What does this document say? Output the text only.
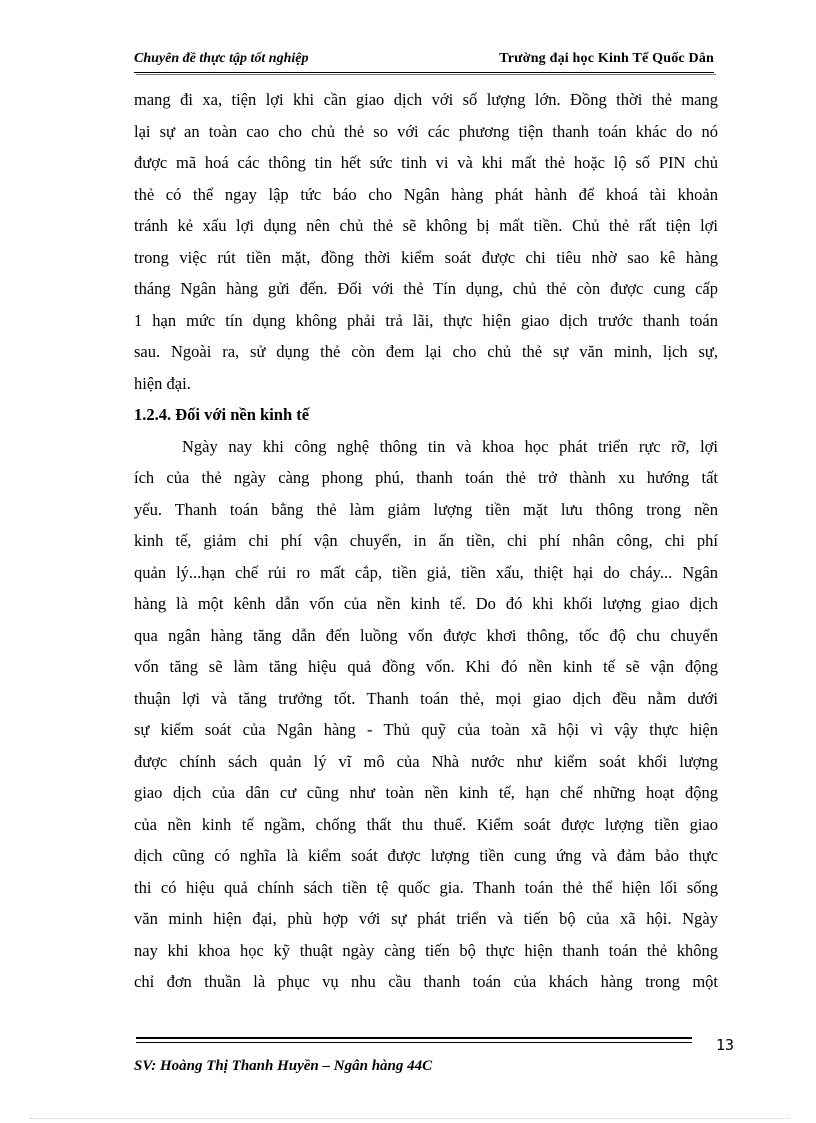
Chuyên đề thực tập tốt nghiệp	Trường đại học Kinh Tế Quốc Dân
mang đi xa, tiện lợi khi cần giao dịch với số lượng lớn. Đồng thời thẻ mang
lại sự an toàn cao cho chủ thẻ so với các phương tiện thanh toán khác do nó
được mã hoá các thông tin hết sức tinh vi và khi mất thẻ hoặc lộ số PIN chủ
thẻ có thể ngay lập tức báo cho Ngân hàng phát hành để khoá tài khoản
tránh kẻ xấu lợi dụng nên chủ thẻ sẽ không bị mất tiền. Chủ thẻ rất tiện lợi
trong việc rút tiền mặt, đồng thời kiểm soát được chi tiêu nhờ sao kê hàng
tháng Ngân hàng gửi đến. Đối với thẻ Tín dụng, chủ thẻ còn được cung cấp
1 hạn mức tín dụng không phải trả lãi, thực hiện giao dịch trước thanh toán
sau. Ngoài ra, sử dụng thẻ còn đem lại cho chủ thẻ sự văn minh, lịch sự,
hiện đại.
1.2.4. Đối với nền kinh tế
Ngày nay khi công nghệ thông tin và khoa học phát triển rực rỡ, lợi
ích của thẻ ngày càng phong phú, thanh toán thẻ trở thành xu hướng tất
yếu. Thanh toán bằng thẻ làm giảm lượng tiền mặt lưu thông trong nền
kinh tế, giảm chi phí vận chuyển, in ấn tiền, chi phí nhân công, chi phí
quản lý...hạn chế rủi ro mất cắp, tiền giả, tiền xấu, thiệt hại do cháy... Ngân
hàng là một kênh dẫn vốn của nền kinh tế. Do đó khi khối lượng giao dịch
qua ngân hàng tăng dẫn đến luồng vốn được khơi thông, tốc độ chu chuyển
vốn tăng sẽ làm tăng hiệu quả đồng vốn. Khi đó nền kinh tế sẽ vận động
thuận lợi và tăng trưởng tốt. Thanh toán thẻ, mọi giao dịch đều nằm dưới
sự kiểm soát của Ngân hàng - Thủ quỹ của toàn xã hội vì vậy thực hiện
được chính sách quản lý vĩ mô của Nhà nước như kiểm soát khối lượng
giao dịch của dân cư cũng như toàn nền kinh tế, hạn chế những hoạt động
của nền kinh tế ngầm, chống thất thu thuế. Kiểm soát được lượng tiền giao
dịch cũng có nghĩa là kiểm soát được lượng tiền cung ứng và đảm bảo thực
thi có hiệu quả chính sách tiền tệ quốc gia. Thanh toán thẻ thể hiện lối sống
văn minh hiện đại, phù hợp với sự phát triển và tiến bộ của xã hội. Ngày
nay khi khoa học kỹ thuật ngày càng tiến bộ thực hiện thanh toán thẻ không
chỉ đơn thuần là phục vụ nhu cầu thanh toán của khách hàng trong một
13
SV: Hoàng Thị Thanh Huyền – Ngân hàng 44C
